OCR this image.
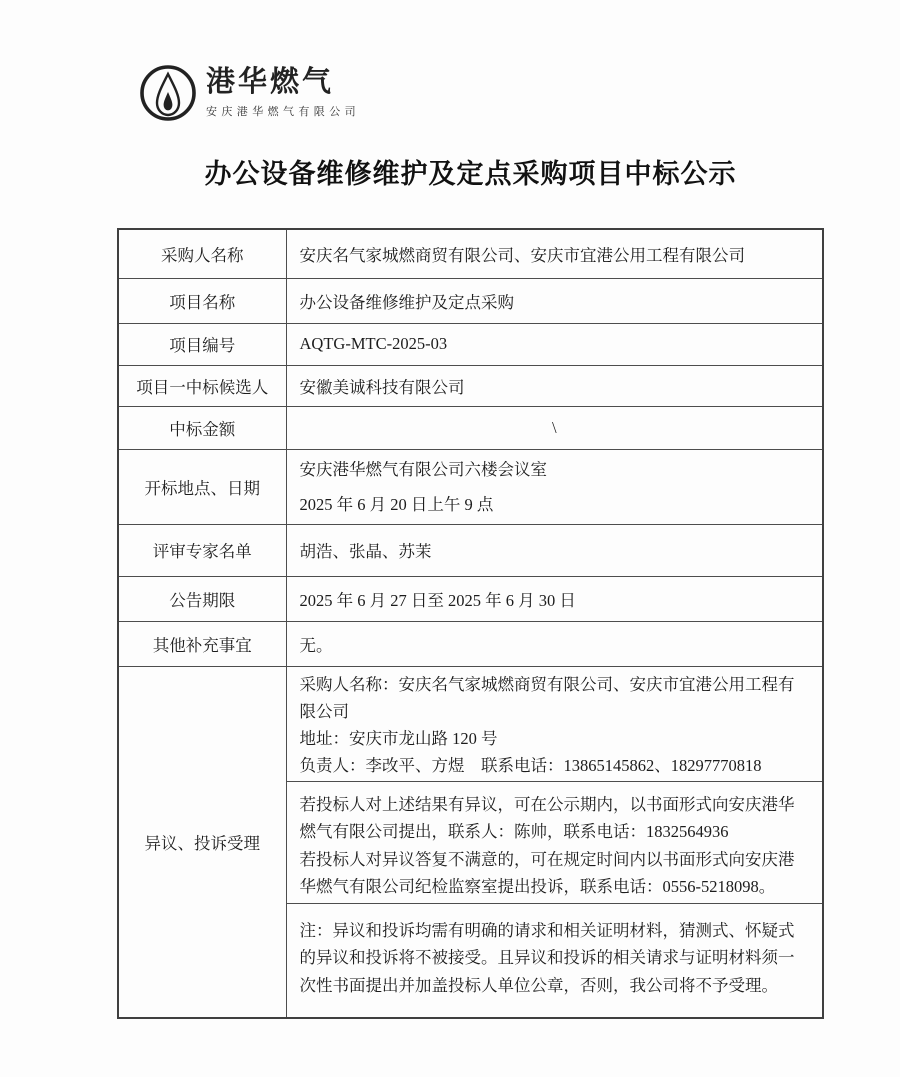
港华燃气
安庆港华燃气有限公司
办公设备维修维护及定点采购项目中标公示
采购人名称	安庆名气家城燃商贸有限公司、安庆市宜港公用工程有限公司
项目名称	办公设备维修维护及定点采购
项目编号	AQTG-MTC-2025-03
项目一中标候选人	安徽美诚科技有限公司
中标金额	\
开标地点、日期	安庆港华燃气有限公司六楼会议室
2025 年 6 月 20 日上午 9 点

评审专家名单	胡浩、张晶、苏茉
公告期限	2025 年 6 月 27 日至 2025 年 6 月 30 日
其他补充事宜	无。
异议、投诉受理	采购人名称：安庆名气家城燃商贸有限公司、安庆市宜港公用工程有限公司
地址：安庆市龙山路 120 号
负责人：李改平、方煜　联系电话：13865145862、18297770818

	若投标人对上述结果有异议，可在公示期内，以书面形式向安庆港华燃气有限公司提出，联系人：陈帅，联系电话：1832564936
若投标人对异议答复不满意的，可在规定时间内以书面形式向安庆港华燃气有限公司纪检监察室提出投诉，联系电话：0556-5218098。

	注：异议和投诉均需有明确的请求和相关证明材料，猜测式、怀疑式的异议和投诉将不被接受。且异议和投诉的相关请求与证明材料须一次性书面提出并加盖投标人单位公章，否则，我公司将不予受理。
